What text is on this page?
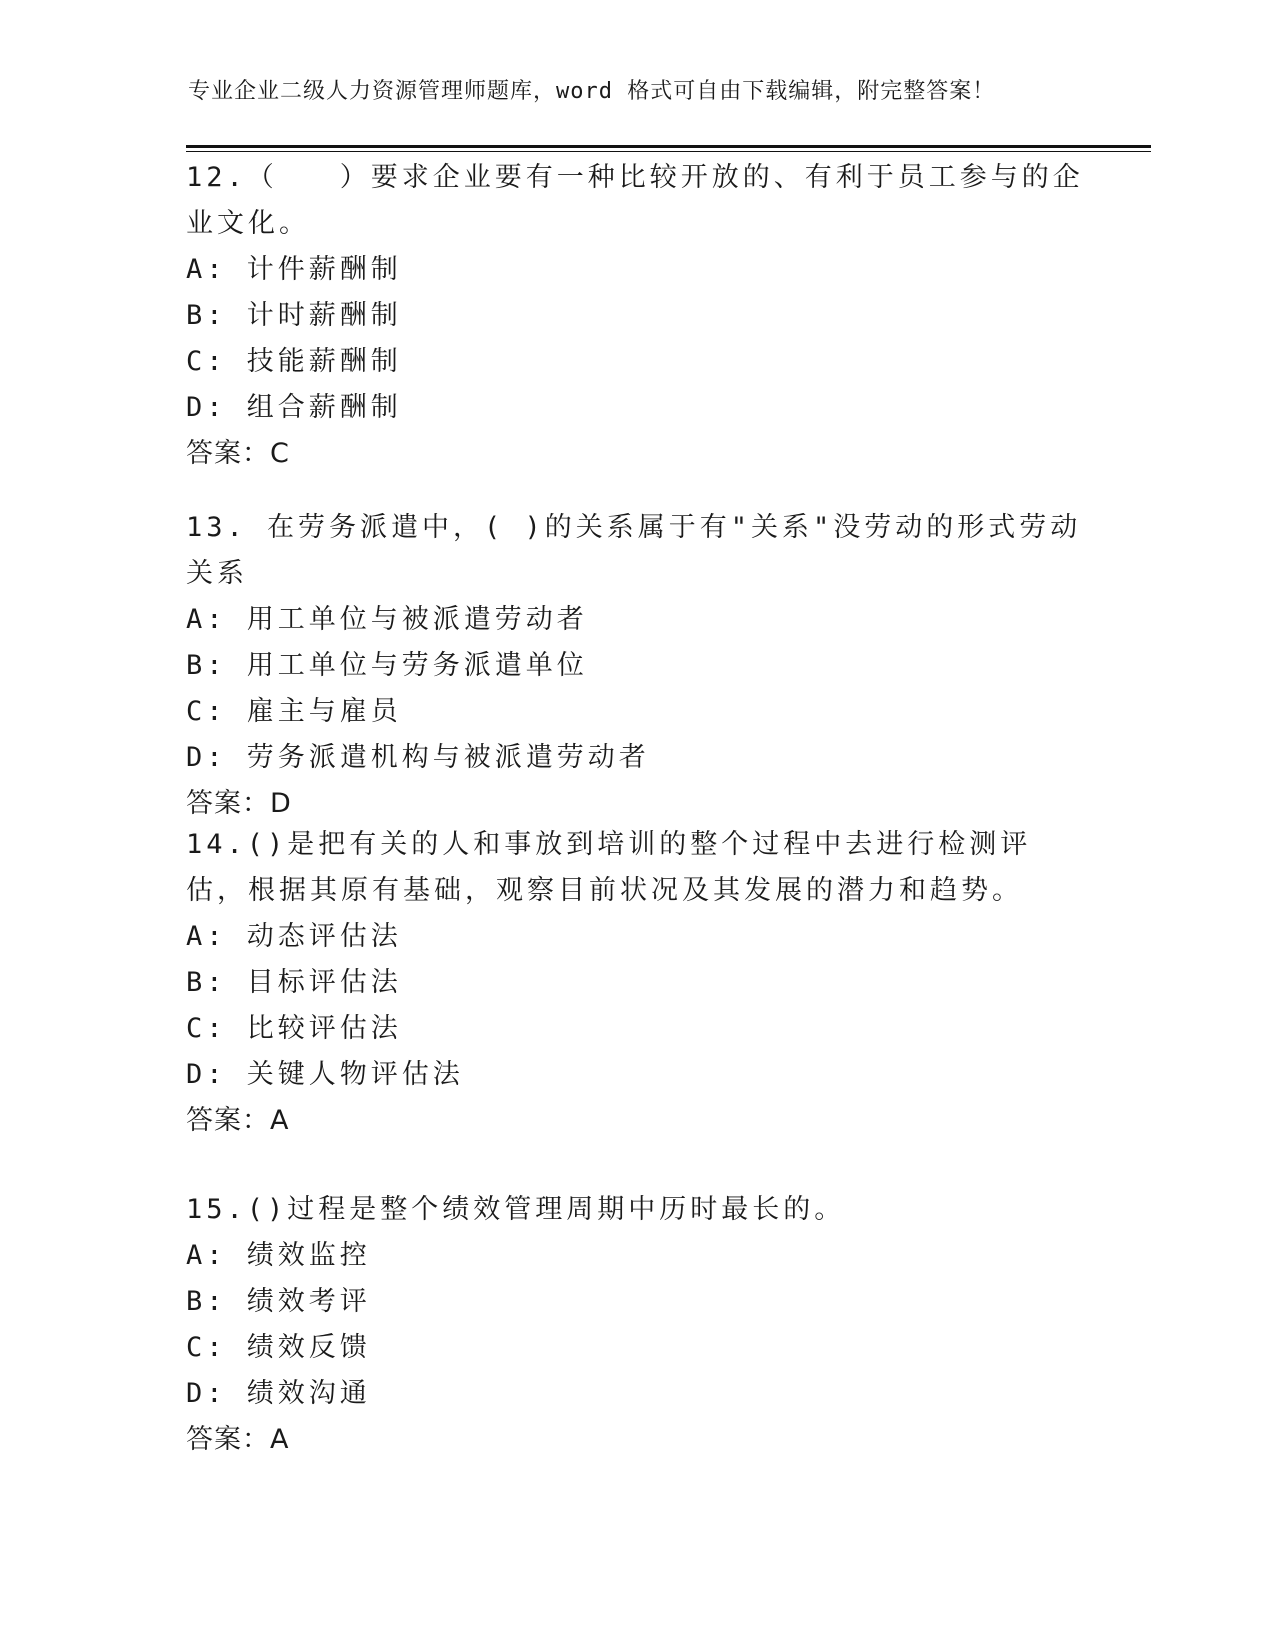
专业企业二级人力资源管理师题库，word 格式可自由下载编辑，附完整答案！

12.（　　）要求企业要有一种比较开放的、有利于员工参与的企业文化。

A: 计件薪酬制

B: 计时薪酬制

C: 技能薪酬制

D: 组合薪酬制

答案：C

13. 在劳务派遣中，( )的关系属于有"关系"没劳动的形式劳动关系

A: 用工单位与被派遣劳动者

B: 用工单位与劳务派遣单位

C: 雇主与雇员

D: 劳务派遣机构与被派遣劳动者

答案：D

14.()是把有关的人和事放到培训的整个过程中去进行检测评估，根据其原有基础，观察目前状况及其发展的潜力和趋势。

A: 动态评估法

B: 目标评估法

C: 比较评估法

D: 关键人物评估法

答案：A

15.()过程是整个绩效管理周期中历时最长的。

A: 绩效监控

B: 绩效考评

C: 绩效反馈

D: 绩效沟通

答案：A
